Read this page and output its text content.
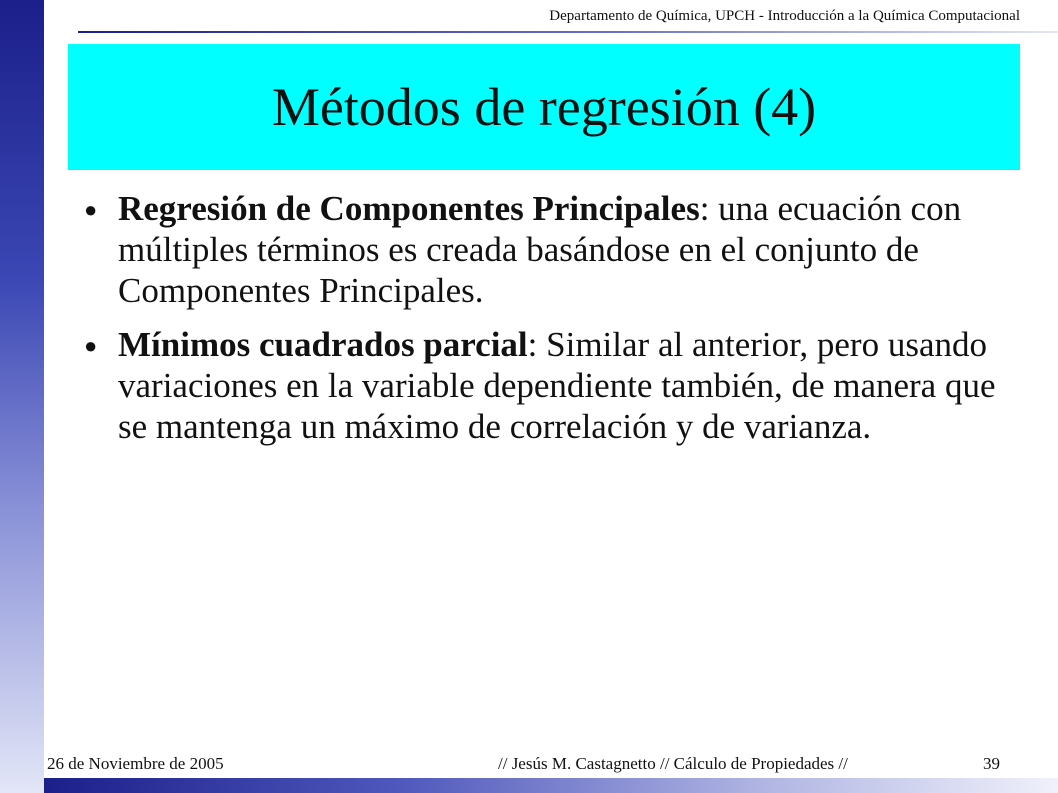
Departamento de Química, UPCH - Introducción a la Química Computacional
Métodos de regresión (4)
● Regresión de Componentes Principales: una ecuación con múltiples términos es creada basándose en el conjunto de Componentes Principales.
● Mínimos cuadrados parcial: Similar al anterior, pero usando variaciones en la variable dependiente también, de manera que se mantenga un máximo de correlación y de varianza.
26 de Noviembre de 2005	// Jesús M. Castagnetto // Cálculo de Propiedades //	39
